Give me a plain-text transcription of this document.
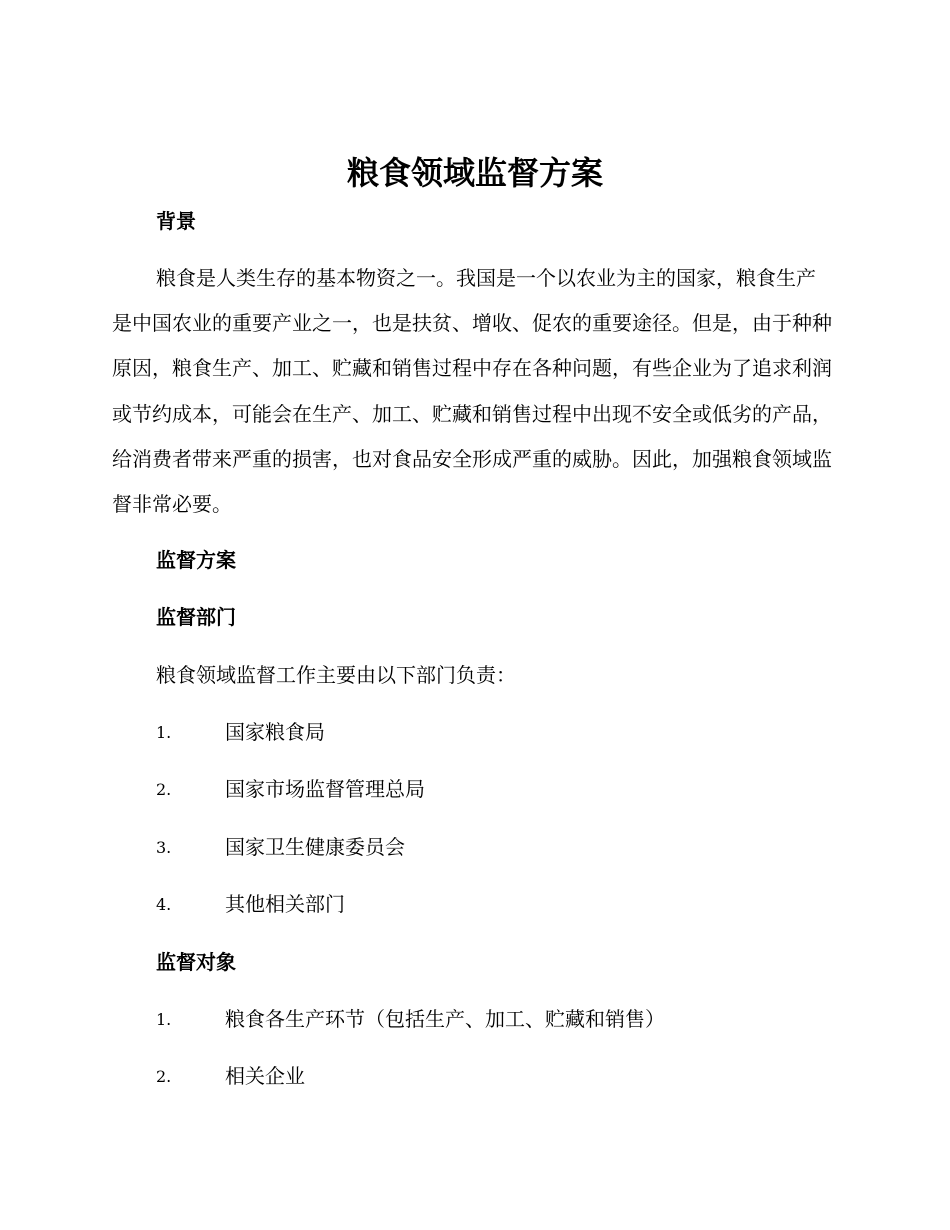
粮食领域监督方案
背景

粮食是人类生存的基本物资之一。我国是一个以农业为主的国家，粮食生产是中国农业的重要产业之一，也是扶贫、增收、促农的重要途径。但是，由于种种原因，粮食生产、加工、贮藏和销售过程中存在各种问题，有些企业为了追求利润或节约成本，可能会在生产、加工、贮藏和销售过程中出现不安全或低劣的产品，给消费者带来严重的损害，也对食品安全形成严重的威胁。因此，加强粮食领域监督非常必要。

监督方案
监督部门

粮食领域监督工作主要由以下部门负责：

1.	国家粮食局
2.	国家市场监督管理总局
3.	国家卫生健康委员会
4.	其他相关部门
监督对象
1.	粮食各生产环节（包括生产、加工、贮藏和销售）
2.	相关企业
